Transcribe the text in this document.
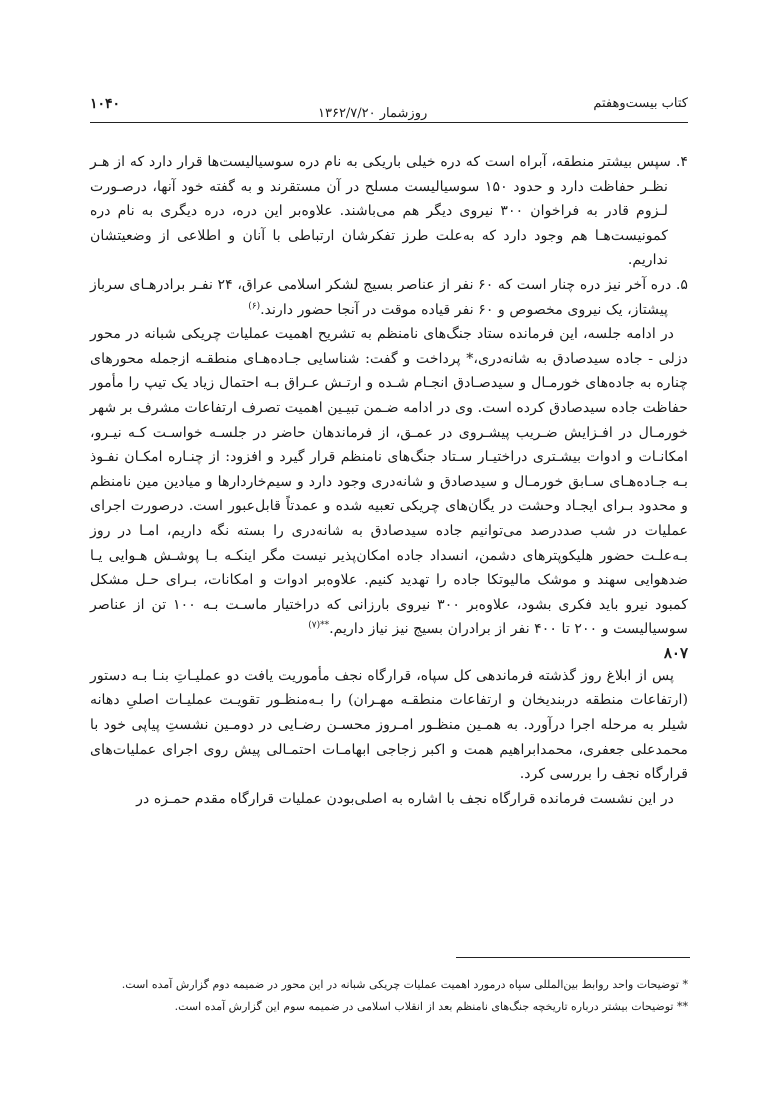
کتاب بیست‌وهفتم
روزشمار ۱۳۶۲/۷/۲۰
۱۰۴۰

۴. سپس بیشتر منطقه، آبراه است که دره خیلی باریکی به نام دره سوسیالیست‌ها قرار دارد که از هـر نظـر حفاظت دارد و حدود ۱۵۰ سوسیالیست مسلح در آن مستقرند و به گفته خود آنها، درصـورت لـزوم قادر به فراخوان ۳۰۰ نیروی دیگر هم می‌باشند. علاوه‌بر این دره، دره دیگری به نام دره کمونیست‌هـا هم وجود دارد که به‌علت طرز تفکرشان ارتباطی با آنان و اطلاعی از وضعیتشان نداریم.

۵. دره آخر نیز دره چنار است که ۶۰ نفر از عناصر بسیج لشکر اسلامی عراق، ۲۴ نفـر برادرهـای سرباز پیشتاز، یک نیروی مخصوص و ۶۰ نفر قیاده موقت در آنجا حضور دارند.$^{(۶)}$

در ادامه جلسه، این فرمانده ستاد جنگ‌های نامنظم به تشریح اهمیت عملیات چریکی شبانه در محور دزلی - جاده سیدصادق به شانه‌دری،* پرداخت و گفت: شناسایی جـاده‌هـای منطقـه ازجمله محورهای چناره به جاده‌های خورمـال و سیدصـادق انجـام شـده و ارتـش عـراق بـه احتمال زیاد یک تیپ را مأمور حفاظت جاده سیدصادق کرده است. وی در ادامه ضـمن تبیـین اهمیت تصرف ارتفاعات مشرف بر شهر خورمـال در افـزایش ضـریب پیشـروی در عمـق، از فرماندهان حاضر در جلسـه خواسـت کـه نیـرو، امکانـات و ادوات بیشـتری دراختیـار سـتاد جنگ‌های نامنظم قرار گیرد و افزود: از چنـاره امکـان نفـوذ بـه جـاده‌هـای سـابق خورمـال و سیدصادق و شانه‌دری وجود دارد و سیم‌خاردارها و میادین مین نامنظم و محدود بـرای ایجـاد وحشت در یگان‌های چریکی تعبیه شده و عمدتاً قابل‌عبور است. درصورت اجرای عملیات در شب صددرصد می‌توانیم جاده سیدصادق به شانه‌دری را بسته نگه داریم، امـا در روز بـه‌علـت حضور هلیکوپترهای دشمن، انسداد جاده امکان‌پذیر نیست مگر اینکـه بـا پوشـش هـوایی یـا ضدهوایی سهند و موشک مالیوتکا جاده را تهدید کنیم. علاوه‌بر ادوات و امکانات، بـرای حـل مشکل کمبود نیرو باید فکری بشود، علاوه‌بر ۳۰۰ نیروی بارزانی که دراختیار ماسـت بـه ۱۰۰ تن از عناصر سوسیالیست و ۲۰۰ تا ۴۰۰ نفر از برادران بسیج نیز نیاز داریم.$^{**(۷)}$

۸۰۷

پس از ابلاغ روز گذشته فرماندهی کل سپاه، قرارگاه نجف مأموریت یافت دو عملیـاتِ بنـا بـه دستور (ارتفاعات منطقه دربندیخان و ارتفاعات منطقـه مهـران) را بـه‌منظـور تقویـت عملیـات اصلیِ دهانه شیلر به مرحله اجرا درآورد. به همـین منظـور امـروز محسـن رضـایی در دومـین نشستِ پیاپی خود با محمدعلی جعفری، محمدابراهیم همت و اکبر زجاجی ابهامـات احتمـالی پیش روی اجرای عملیات‌های قرارگاه نجف را بررسی کرد.

در این نشست فرمانده قرارگاه نجف با اشاره به اصلی‌بودن عملیات قرارگاه مقدم حمـزه در

* توضیحات واحد روابط بین‌المللی سپاه درمورد اهمیت عملیات چریکی شبانه در این محور در ضمیمه دوم گزارش آمده است.

** توضیحات بیشتر درباره تاریخچه جنگ‌های نامنظم بعد از انقلاب اسلامی در ضمیمه سوم این گزارش آمده است.
